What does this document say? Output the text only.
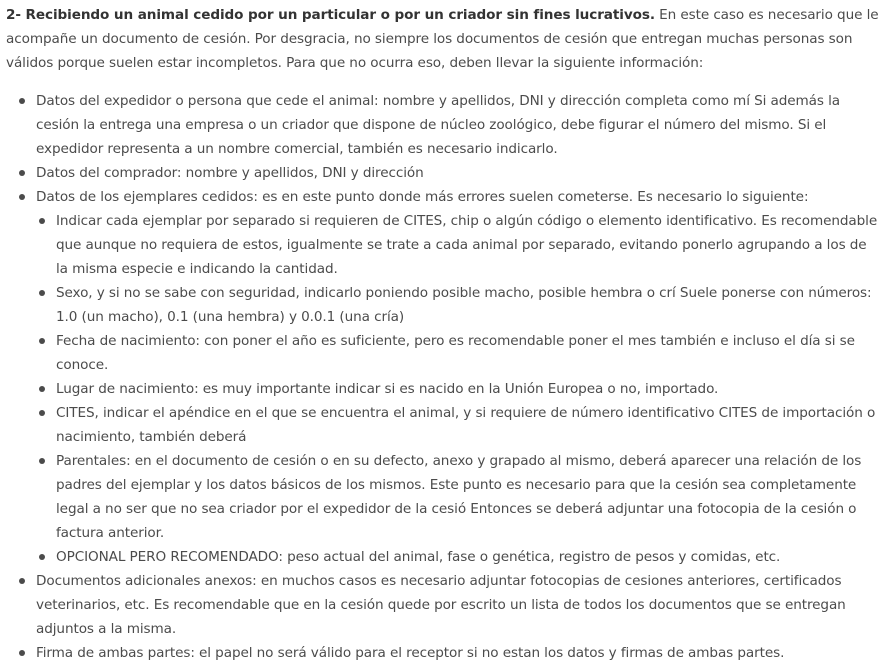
2- Recibiendo un animal cedido por un particular o por un criador sin fines lucrativos. En este caso es necesario que le acompañe un documento de cesión. Por desgracia, no siempre los documentos de cesión que entregan muchas personas son válidos porque suelen estar incompletos. Para que no ocurra eso, deben llevar la siguiente información:

Datos del expedidor o persona que cede el animal: nombre y apellidos, DNI y dirección completa como mí Si además la cesión la entrega una empresa o un criador que dispone de núcleo zoológico, debe figurar el número del mismo. Si el expedidor representa a un nombre comercial, también es necesario indicarlo.
Datos del comprador: nombre y apellidos, DNI y dirección
Datos de los ejemplares cedidos: es en este punto donde más errores suelen cometerse. Es necesario lo siguiente:
Indicar cada ejemplar por separado si requieren de CITES, chip o algún código o elemento identificativo. Es recomendable que aunque no requiera de estos, igualmente se trate a cada animal por separado, evitando ponerlo agrupando a los de la misma especie e indicando la cantidad.
Sexo, y si no se sabe con seguridad, indicarlo poniendo posible macho, posible hembra o crí Suele ponerse con números: 1.0 (un macho), 0.1 (una hembra) y 0.0.1 (una cría)
Fecha de nacimiento: con poner el año es suficiente, pero es recomendable poner el mes también e incluso el día si se conoce.
Lugar de nacimiento: es muy importante indicar si es nacido en la Unión Europea o no, importado.
CITES, indicar el apéndice en el que se encuentra el animal, y si requiere de número identificativo CITES de importación o nacimiento, también deberá
Parentales: en el documento de cesión o en su defecto, anexo y grapado al mismo, deberá aparecer una relación de los padres del ejemplar y los datos básicos de los mismos. Este punto es necesario para que la cesión sea completamente legal a no ser que no sea criador por el expedidor de la cesió Entonces se deberá adjuntar una fotocopia de la cesión o factura anterior.
OPCIONAL PERO RECOMENDADO: peso actual del animal, fase o genética, registro de pesos y comidas, etc.
Documentos adicionales anexos: en muchos casos es necesario adjuntar fotocopias de cesiones anteriores, certificados veterinarios, etc. Es recomendable que en la cesión quede por escrito un lista de todos los documentos que se entregan adjuntos a la misma.
Firma de ambas partes: el papel no será válido para el receptor si no estan los datos y firmas de ambas partes.
